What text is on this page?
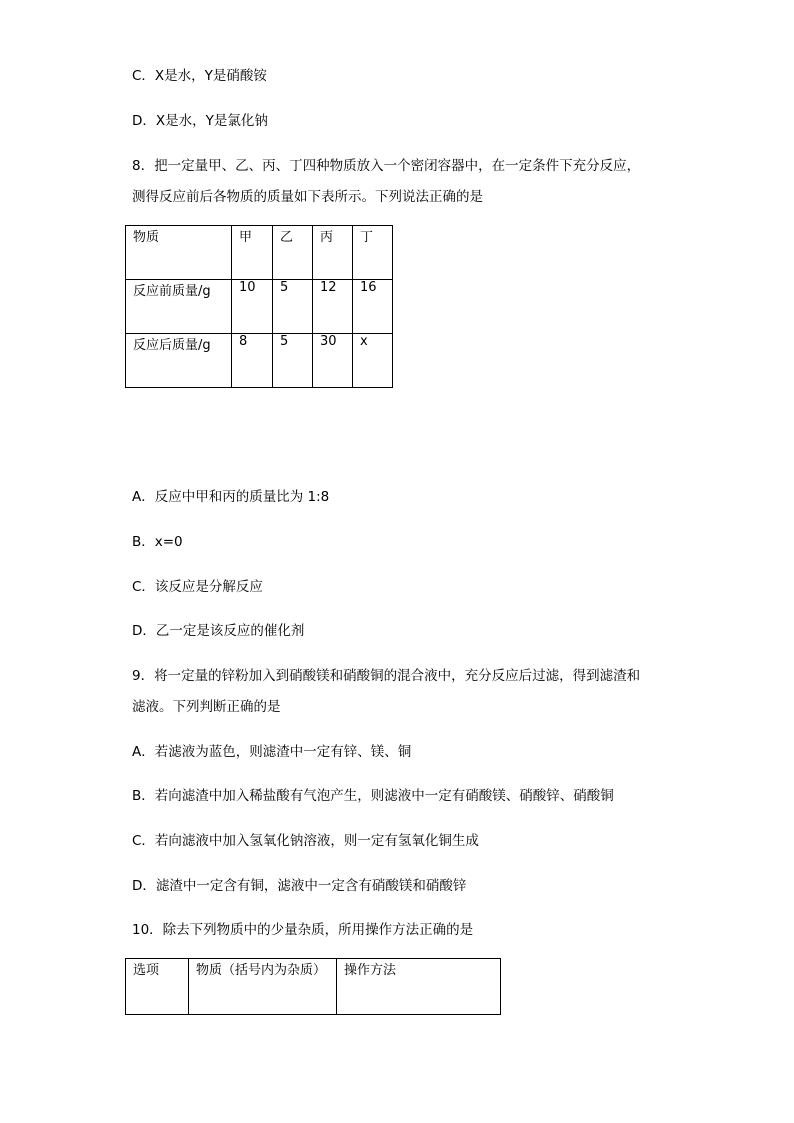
C．X是水，Y是硝酸铵
D．X是水，Y是氯化钠
8．把一定量甲、乙、丙、丁四种物质放入一个密闭容器中，在一定条件下充分反应，
测得反应前后各物质的质量如下表所示。下列说法正确的是
物质	甲	乙	丙	丁
反应前质量/g	10	5	12	16
反应后质量/g	8	5	30	x
A．反应中甲和丙的质量比为 1:8
B．x=0
C．该反应是分解反应
D．乙一定是该反应的催化剂
9．将一定量的锌粉加入到硝酸镁和硝酸铜的混合液中，充分反应后过滤，得到滤渣和
滤液。下列判断正确的是
A．若滤液为蓝色，则滤渣中一定有锌、镁、铜
B．若向滤渣中加入稀盐酸有气泡产生，则滤液中一定有硝酸镁、硝酸锌、硝酸铜
C．若向滤液中加入氢氧化钠溶液，则一定有氢氧化铜生成
D．滤渣中一定含有铜，滤液中一定含有硝酸镁和硝酸锌
10．除去下列物质中的少量杂质，所用操作方法正确的是
选项	物质（括号内为杂质）	操作方法
